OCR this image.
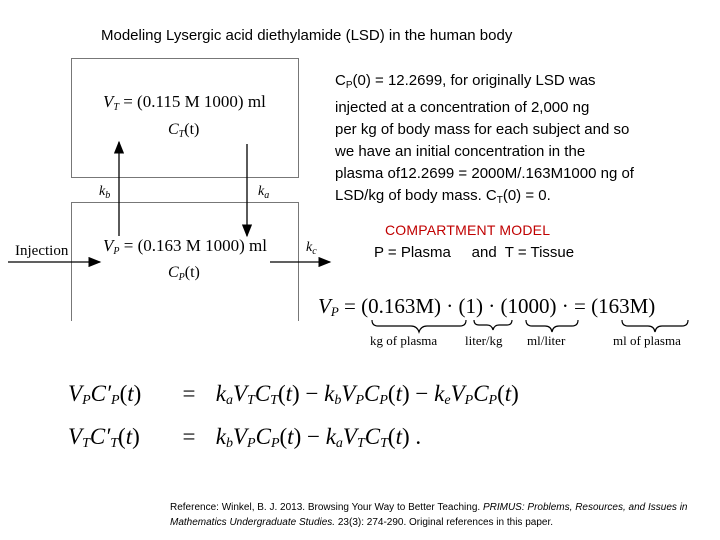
Modeling Lysergic acid diethylamide (LSD) in the human body
$V_T = (0.115$ M 1000) ml
$C_T(t)$
$V_P = (0.163$ M 1000) ml
$C_P(t)$
$k_b$	$k_a$
$k_c$
Injection
$C_P(0) = 12.2699$, for originally LSD was
injected at a concentration of 2,000 ng
per kg of body mass for each subject and so
we have an initial concentration in the
plasma of12.2699 = 2000M/.163M1000 ng of
LSD/kg of body mass. $C_T(0) = 0$.
COMPARTMENT MODEL
P = Plasma     and  T = Tissue
$V_P = (0.163M) \cdot (1) \cdot (1000)$ · = (163M)
kg of plasma liter/kg ml/liter	ml of plasma
$V_PC'_P(t) = k_aV_TC_T(t) - k_bV_PC_P(t) - k_eV_PC_P(t)$
$V_TC'_T(t) = k_bV_PC_P(t) - k_aV_TC_T(t)$ .
Reference: Winkel, B. J. 2013. Browsing Your Way to Better Teaching. PRIMUS: Problems, Resources, and Issues in Mathematics Undergraduate Studies. 23(3): 274-290. Original references in this paper.
